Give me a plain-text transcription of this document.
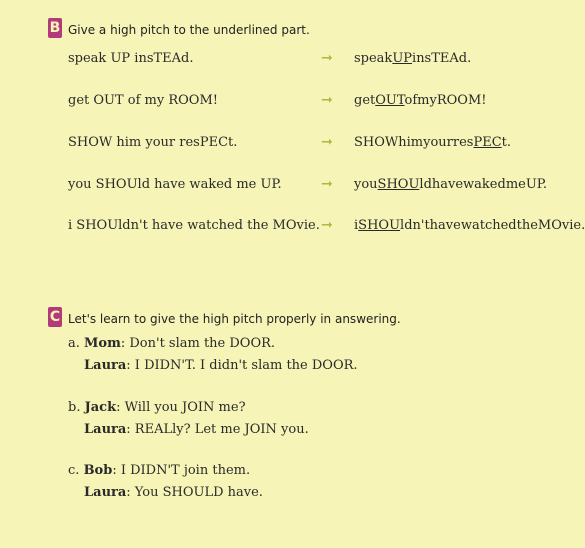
B Give a high pitch to the underlined part.
speak UP insTEAd.	➞ speakUPinsTEAd.
get OUT of my ROOM!	➞ getOUTofmyROOM!
SHOW him your resPECt.	➞ SHOWhimyourresPECt.
you SHOUld have waked me UP.	➞ youSHOUldhavewakedmeUP.
i SHOUldn't have watched the MOvie. ➞ iSHOUldn'thavewatchedtheMOvie.
C Let's learn to give the high pitch properly in answering.
a. Mom: Don't slam the DOOR.
Laura: I DIDN'T. I didn't slam the DOOR.
b. Jack: Will you JOIN me?
Laura: REALly? Let me JOIN you.
c. Bob: I DIDN'T join them.
Laura: You SHOULD have.
